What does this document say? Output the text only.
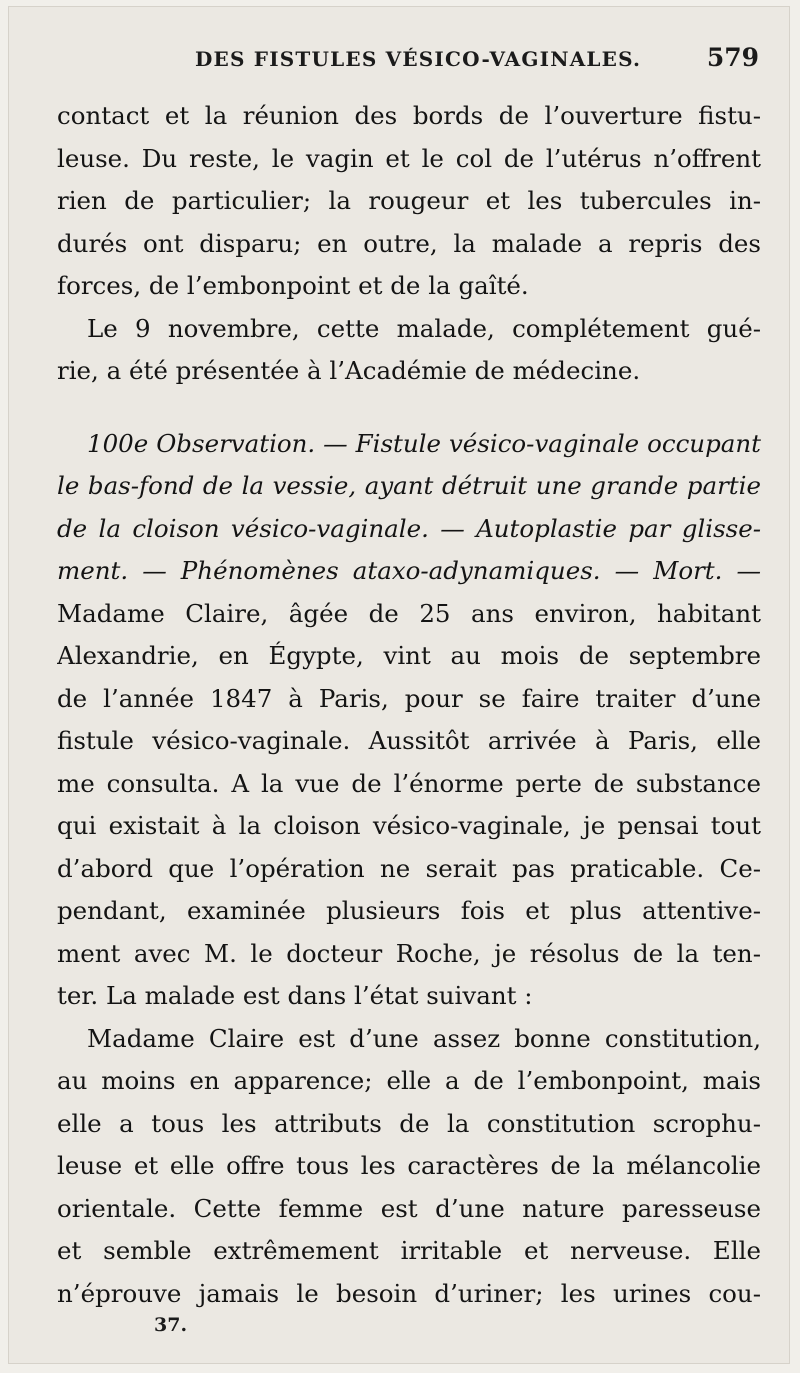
DES FISTULES VÉSICO-VAGINALES.	579
contact et la réunion des bords de l’ouverture fistu-
leuse. Du reste, le vagin et le col de l’utérus n’offrent
rien de particulier; la rougeur et les tubercules in-
durés ont disparu; en outre, la malade a repris des
forces, de l’embonpoint et de la gaîté.
Le 9 novembre, cette malade, complétement gué-
rie, a été présentée à l’Académie de médecine.
100e Observation. — Fistule vésico-vaginale occupant
le bas-fond de la vessie, ayant détruit une grande partie
de la cloison vésico-vaginale. — Autoplastie par glisse-
ment. — Phénomènes ataxo-adynamiques. — Mort. —
Madame Claire, âgée de 25 ans environ, habitant
Alexandrie, en Égypte, vint au mois de septembre
de l’année 1847 à Paris, pour se faire traiter d’une
fistule vésico-vaginale. Aussitôt arrivée à Paris, elle
me consulta. A la vue de l’énorme perte de substance
qui existait à la cloison vésico-vaginale, je pensai tout
d’abord que l’opération ne serait pas praticable. Ce-
pendant, examinée plusieurs fois et plus attentive-
ment avec M. le docteur Roche, je résolus de la ten-
ter. La malade est dans l’état suivant :
Madame Claire est d’une assez bonne constitution,
au moins en apparence; elle a de l’embonpoint, mais
elle a tous les attributs de la constitution scrophu-
leuse et elle offre tous les caractères de la mélancolie
orientale. Cette femme est d’une nature paresseuse
et semble extrêmement irritable et nerveuse. Elle
n’éprouve jamais le besoin d’uriner; les urines cou-
37.
